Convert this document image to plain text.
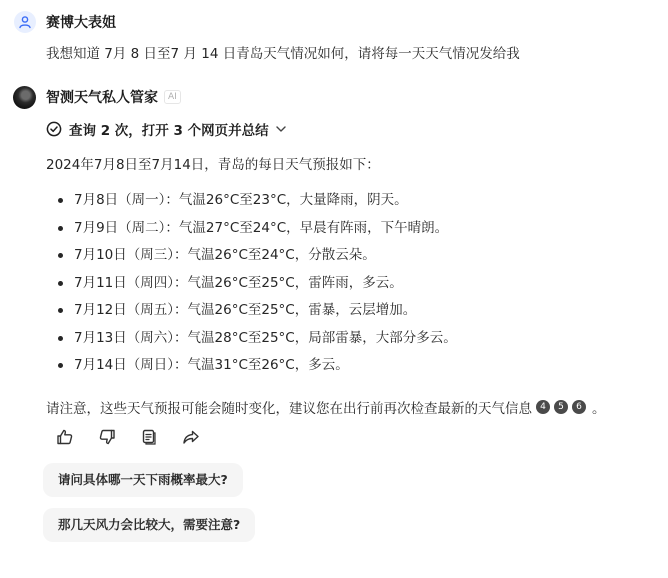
赛博大表姐
我想知道 7月 8 日至7 月 14 日青岛天气情况如何，请将每一天天气情况发给我
智测天气私人管家	AI
查询 2 次，打开 3 个网页并总结
2024年7月8日至7月14日，青岛的每日天气预报如下：
7月8日（周一）：气温26°C至23°C，大量降雨，阴天。
7月9日（周二）：气温27°C至24°C，早晨有阵雨，下午晴朗。
7月10日（周三）：气温26°C至24°C，分散云朵。
7月11日（周四）：气温26°C至25°C，雷阵雨，多云。
7月12日（周五）：气温26°C至25°C，雷暴，云层增加。
7月13日（周六）：气温28°C至25°C，局部雷暴，大部分多云。
7月14日（周日）：气温31°C至26°C，多云。
请注意，这些天气预报可能会随时变化，建议您在出行前再次检查最新的天气信息 4	5	6 。
请问具体哪一天下雨概率最大?
那几天风力会比较大，需要注意?
